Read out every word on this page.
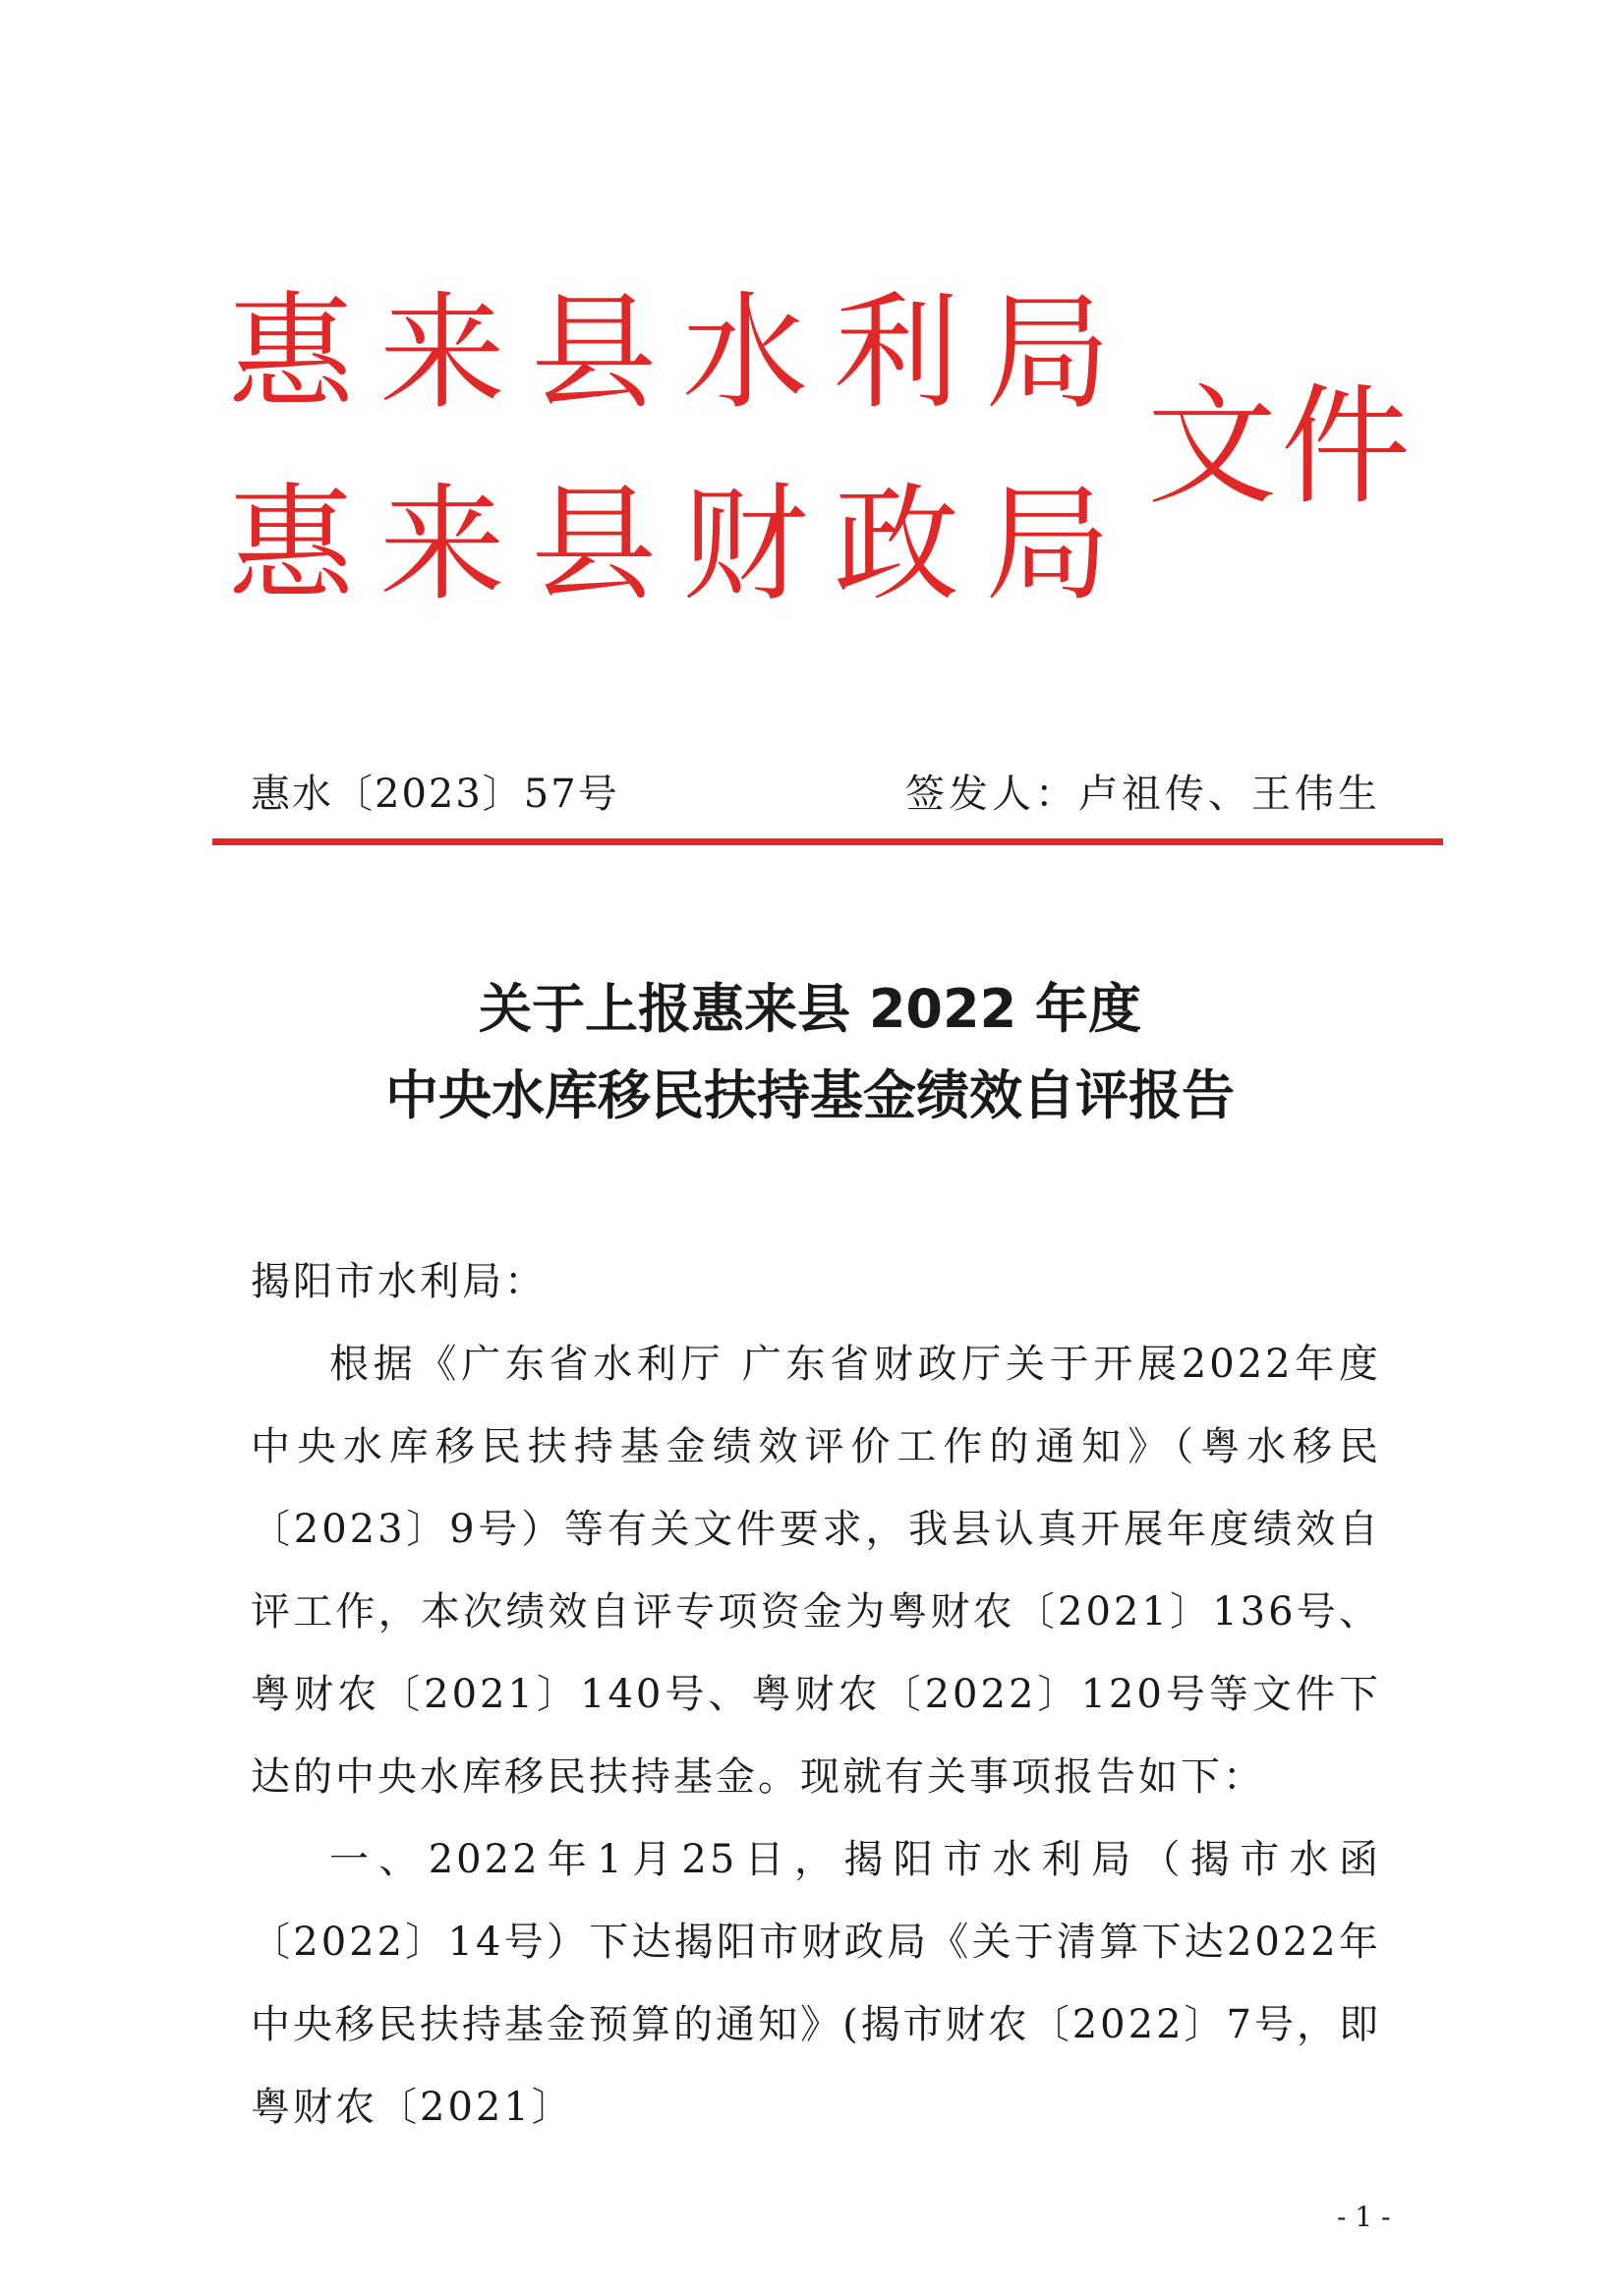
惠来县水利局
惠来县财政局
文件
惠水〔2023〕57号	签发人：卢祖传、王伟生
关于上报惠来县 2022 年度
中央水库移民扶持基金绩效自评报告
揭阳市水利局：

根据《广东省水利厅 广东省财政厅关于开展2022年度中央水库移民扶持基金绩效评价工作的通知》（粤水移民〔2023〕9号）等有关文件要求，我县认真开展年度绩效自评工作，本次绩效自评专项资金为粤财农〔2021〕136号、粤财农〔2021〕140号、粤财农〔2022〕120号等文件下达的中央水库移民扶持基金。现就有关事项报告如下：

一、2022年1月25日，揭阳市水利局（揭市水函〔2022〕14号）下达揭阳市财政局《关于清算下达2022年中央移民扶持基金预算的通知》(揭市财农〔2022〕7号，即粤财农〔2021〕

- 1 -
